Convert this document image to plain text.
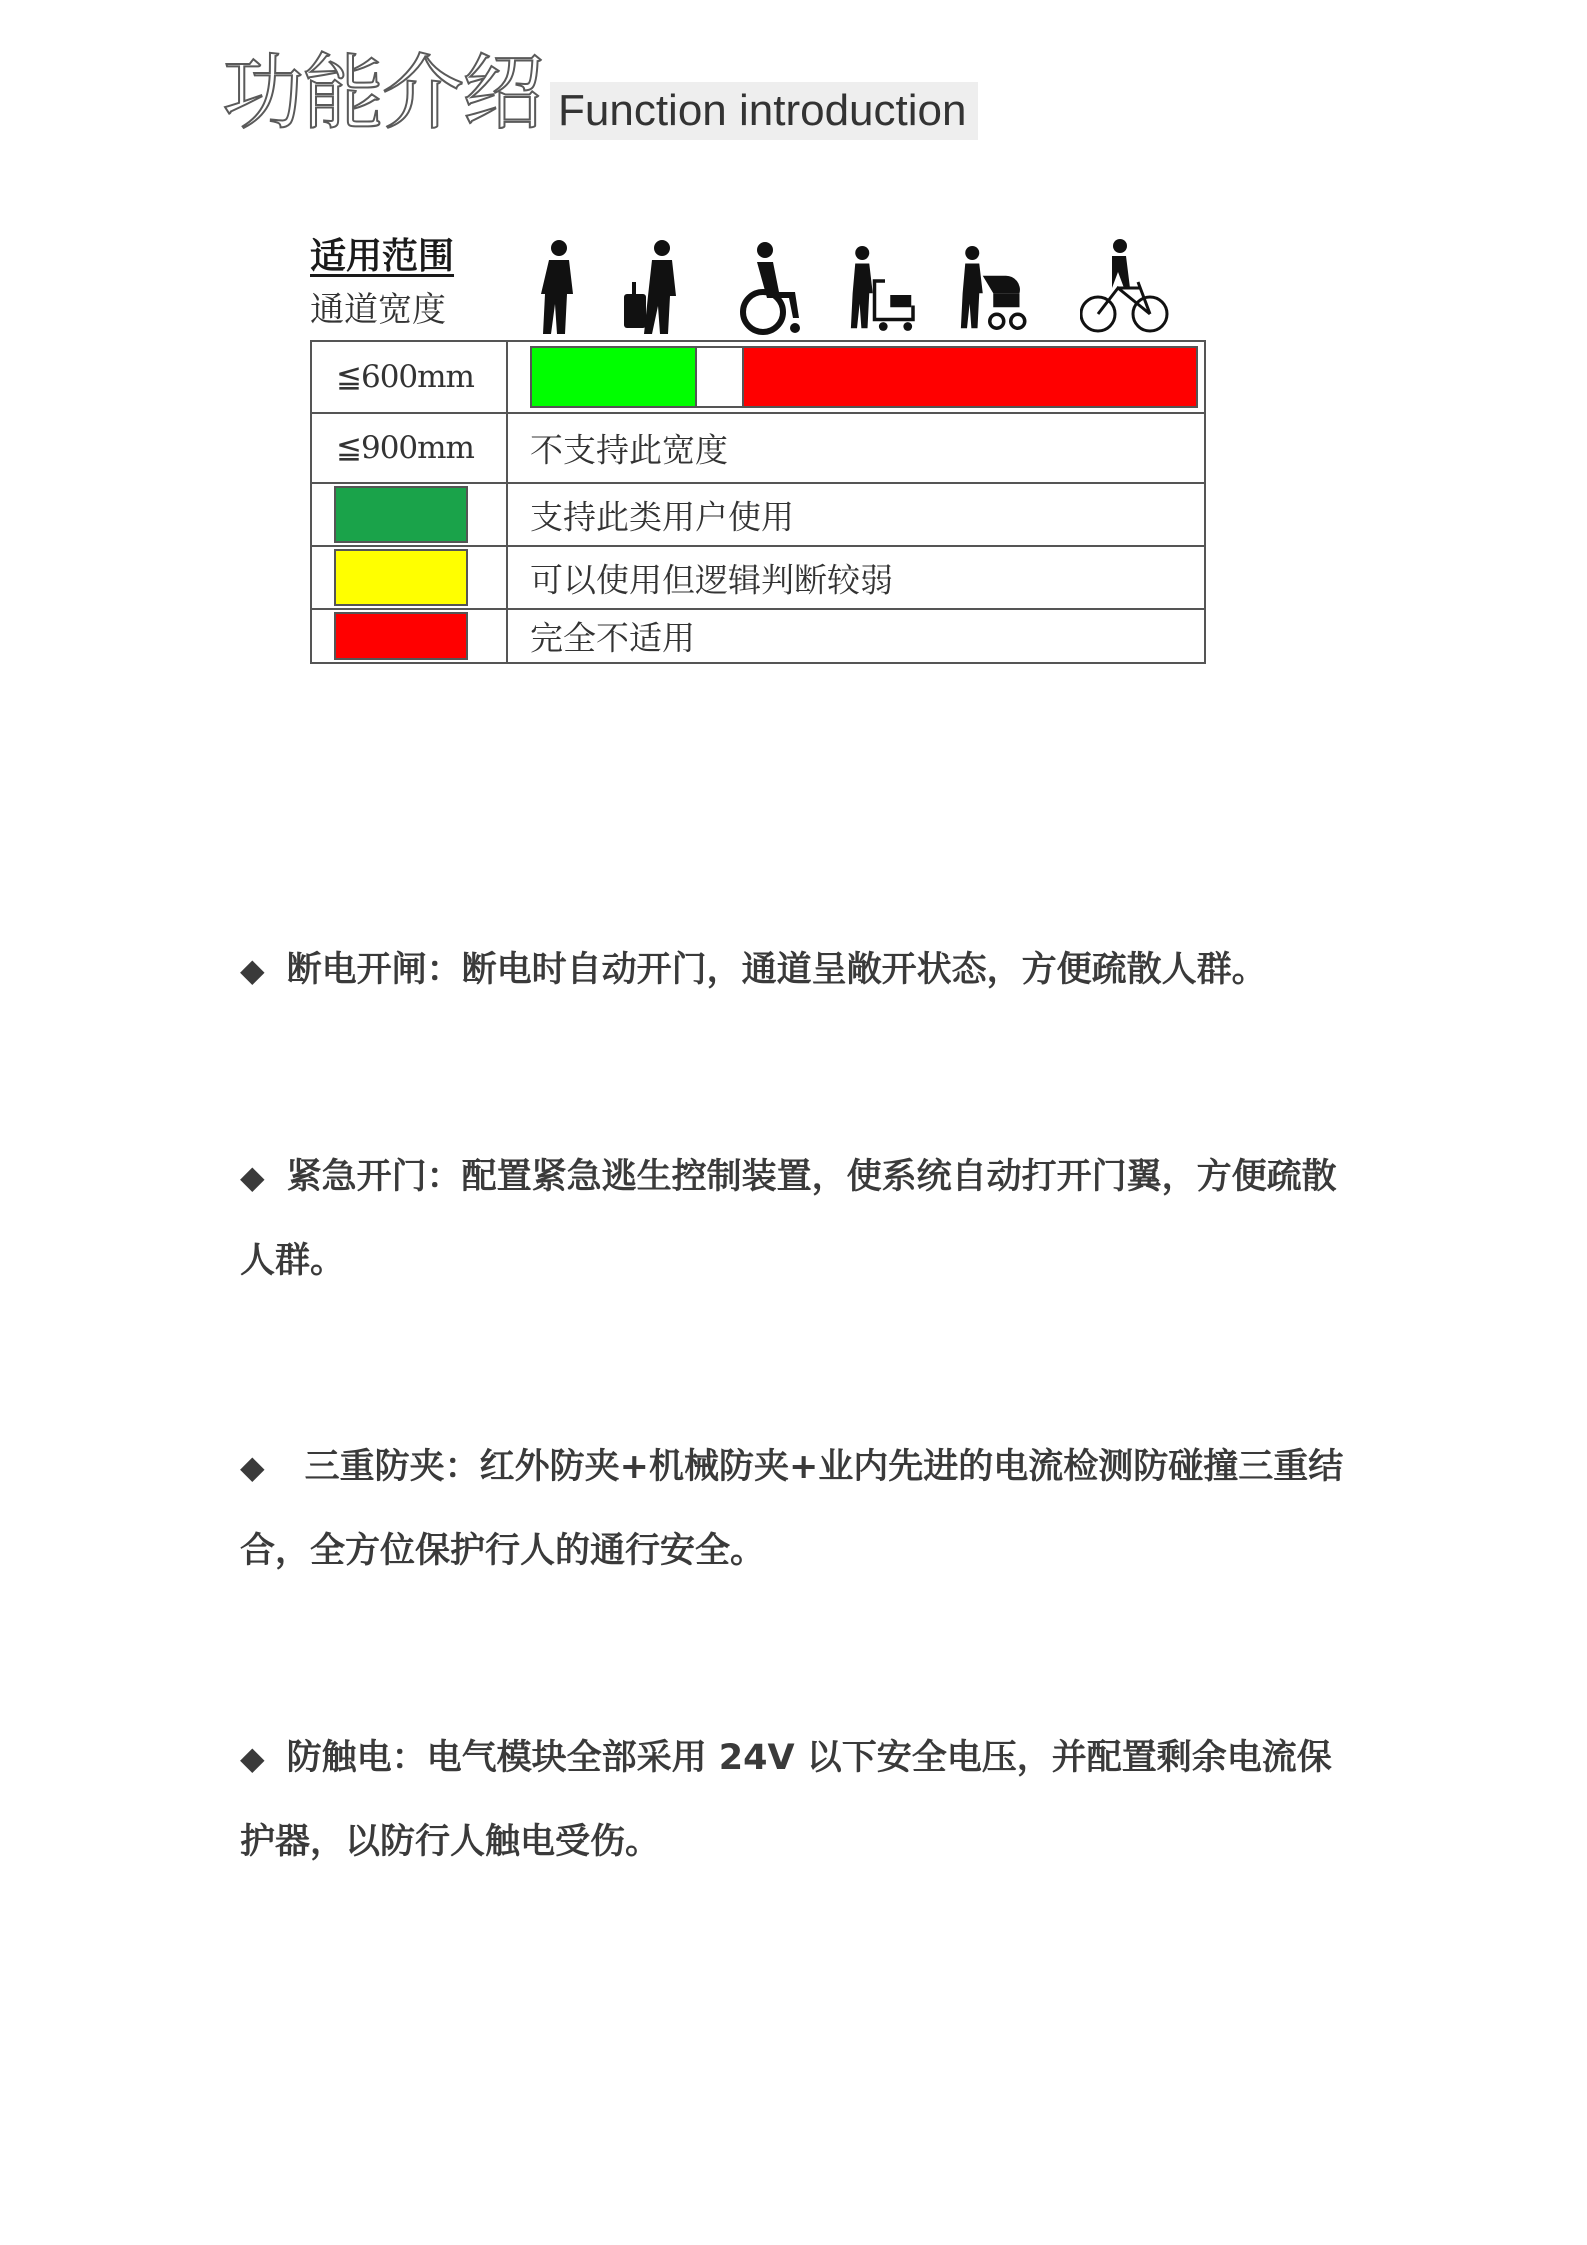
功能介绍 Function introduction
适用范围
通道宽度
≦600mm
≦900mm 不支持此宽度
支持此类用户使用
可以使用但逻辑判断较弱
完全不适用
◆ 断电开闸：断电时自动开门，通道呈敞开状态，方便疏散人群。
◆ 紧急开门：配置紧急逃生控制装置，使系统自动打开门翼，方便疏散人群。
◆ 三重防夹：红外防夹+机械防夹+业内先进的电流检测防碰撞三重结合，全方位保护行人的通行安全。
◆ 防触电：电气模块全部采用 24V 以下安全电压，并配置剩余电流保护器，以防行人触电受伤。
